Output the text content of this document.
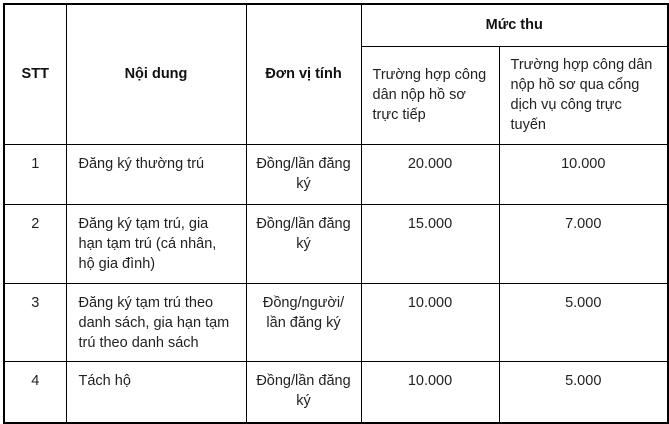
STT	Nội dung	Đơn vị tính	Mức thu	
			Trường hợp công dân nộp hồ sơ trực tiếp	Trường hợp công dân nộp hồ sơ qua cổng dịch vụ công trực tuyến
1	Đăng ký thường trú	Đồng/lần đăng ký	20.000	10.000
2	Đăng ký tạm trú, gia hạn tạm trú (cá nhân, hộ gia đình)	Đồng/lần đăng ký	15.000	7.000
3	Đăng ký tạm trú theo danh sách, gia hạn tạm trú theo danh sách	Đồng/người/ lần đăng ký	10.000	5.000
4	Tách hộ	Đồng/lần đăng ký	10.000	5.000
